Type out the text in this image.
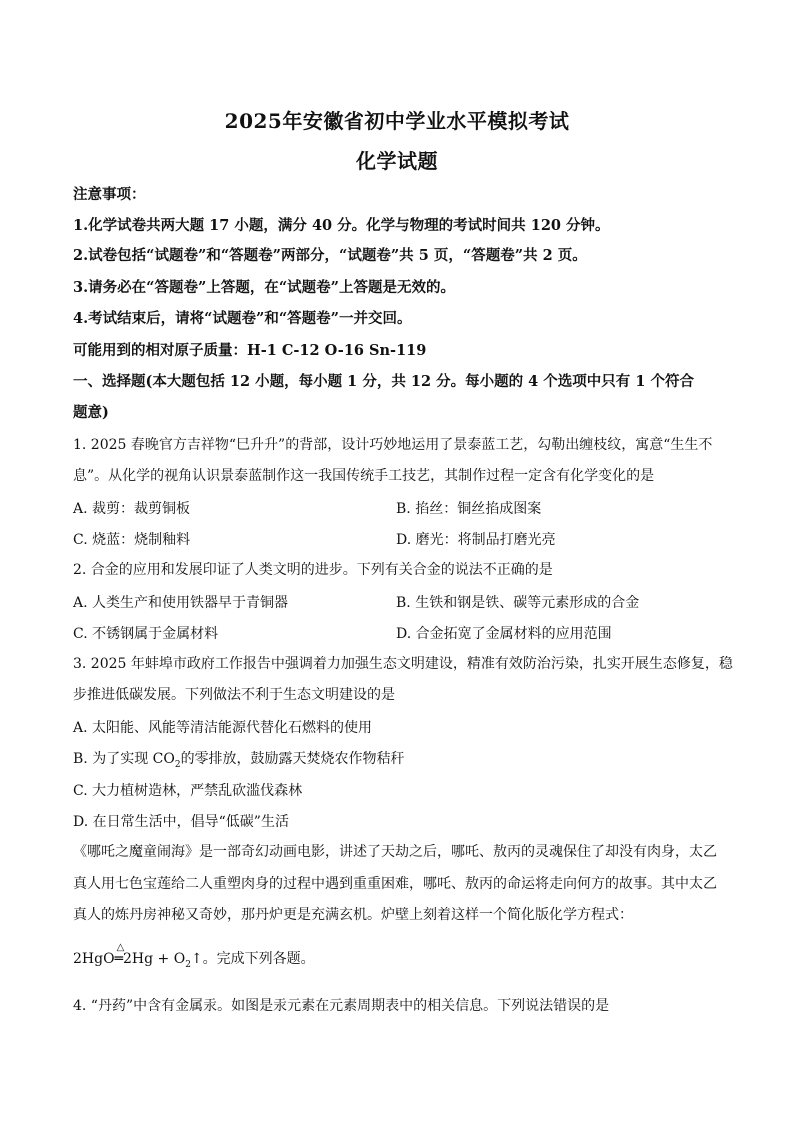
2025年安徽省初中学业水平模拟考试
化学试题
注意事项：
1.化学试卷共两大题 17 小题，满分 40 分。化学与物理的考试时间共 120 分钟。
2.试卷包括“试题卷”和“答题卷”两部分，“试题卷”共 5 页，“答题卷”共 2 页。
3.请务必在“答题卷”上答题，在“试题卷”上答题是无效的。
4.考试结束后，请将“试题卷”和“答题卷”一并交回。
可能用到的相对原子质量：H-1 C-12 O-16 Sn-119
一、选择题(本大题包括 12 小题，每小题 1 分，共 12 分。每小题的 4 个选项中只有 1 个符合
题意)
1. 2025 春晚官方吉祥物“巳升升”的背部，设计巧妙地运用了景泰蓝工艺，勾勒出缠枝纹，寓意“生生不
息”。从化学的视角认识景泰蓝制作这一我国传统手工技艺，其制作过程一定含有化学变化的是
A. 裁剪：裁剪铜板	B. 掐丝：铜丝掐成图案
C. 烧蓝：烧制釉料	D. 磨光：将制品打磨光亮
2. 合金的应用和发展印证了人类文明的进步。下列有关合金的说法不正确的是
A. 人类生产和使用铁器早于青铜器	B. 生铁和钢是铁、碳等元素形成的合金
C. 不锈钢属于金属材料	D. 合金拓宽了金属材料的应用范围
3. 2025 年蚌埠市政府工作报告中强调着力加强生态文明建设，精准有效防治污染，扎实开展生态修复，稳
步推进低碳发展。下列做法不利于生态文明建设的是
A. 太阳能、风能等清洁能源代替化石燃料的使用
B. 为了实现 $CO_2$的零排放，鼓励露天焚烧农作物秸秆
C. 大力植树造林，严禁乱砍滥伐森林
D. 在日常生活中，倡导“低碳”生活
《哪吒之魔童闹海》是一部奇幻动画电影，讲述了天劫之后，哪吒、敖丙的灵魂保住了却没有肉身，太乙
真人用七色宝莲给二人重塑肉身的过程中遇到重重困难，哪吒、敖丙的命运将走向何方的故事。其中太乙
真人的炼丹房神秘又奇妙，那丹炉更是充满玄机。炉壁上刻着这样一个简化版化学方程式：
2HgO
△
═2Hg + $O_2↑$。完成下列各题。
4. “丹药”中含有金属汞。如图是汞元素在元素周期表中的相关信息。下列说法错误的是
